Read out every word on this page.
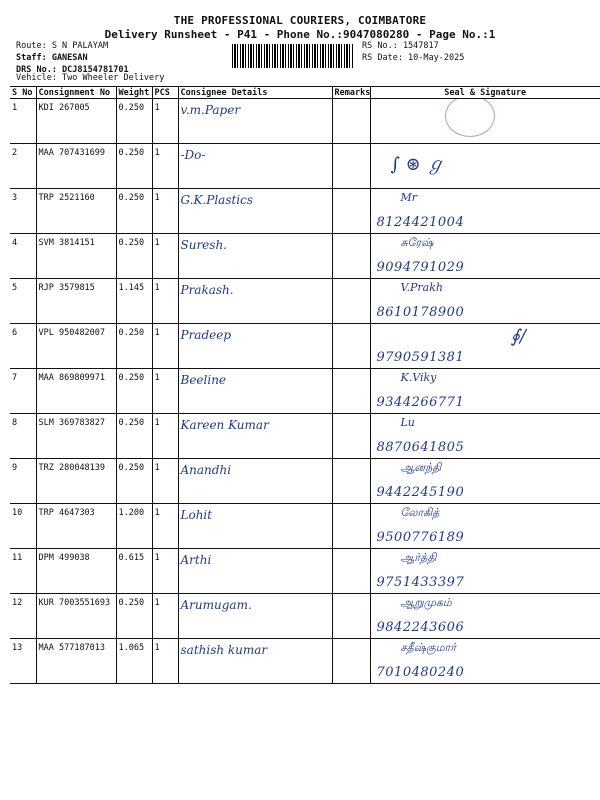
THE PROFESSIONAL COURIERS, COIMBATORE
Delivery Runsheet - P41 - Phone No.:9047080280 - Page No.:1
Route: S N PALAYAM
Staff: GANESAN
DRS No.: DCJ8154781701
RS No.: 1547817
RS Date: 10-May-2025
Vehicle: Two Wheeler Delivery
S No	Consignment No	Weight	PCS	Consignee Details	Remarks	Seal & Signature
1	KDI 267005	0.250	1	v.m.Paper		

2	MAA 707431699	0.250	1	-Do-		∫ ⊛ ℊ

3	TRP 2521160	0.250	1	G.K.Plastics		Mr
8124421004

4	SVM 3814151	0.250	1	Suresh.		சுரேஷ்
9094791029

5	RJP 3579815	1.145	1	Prakash.		V.Prakh
8610178900

6	VPL 950482007	0.250	1	Pradeep		9790591381
∮∕

7	MAA 869809971	0.250	1	Beeline		K.Viky
9344266771

8	SLM 369783827	0.250	1	Kareen Kumar		Lu
8870641805

9	TRZ 280048139	0.250	1	Anandhi		ஆனந்தி
9442245190

10	TRP 4647303	1.200	1	Lohit		லோகித்
9500776189

11	DPM 499038	0.615	1	Arthi		ஆர்த்தி
9751433397

12	KUR 7003551693	0.250	1	Arumugam.		ஆறுமுகம்
9842243606

13	MAA 577187013	1.065	1	sathish kumar		சதீஷ்குமார்
7010480240
